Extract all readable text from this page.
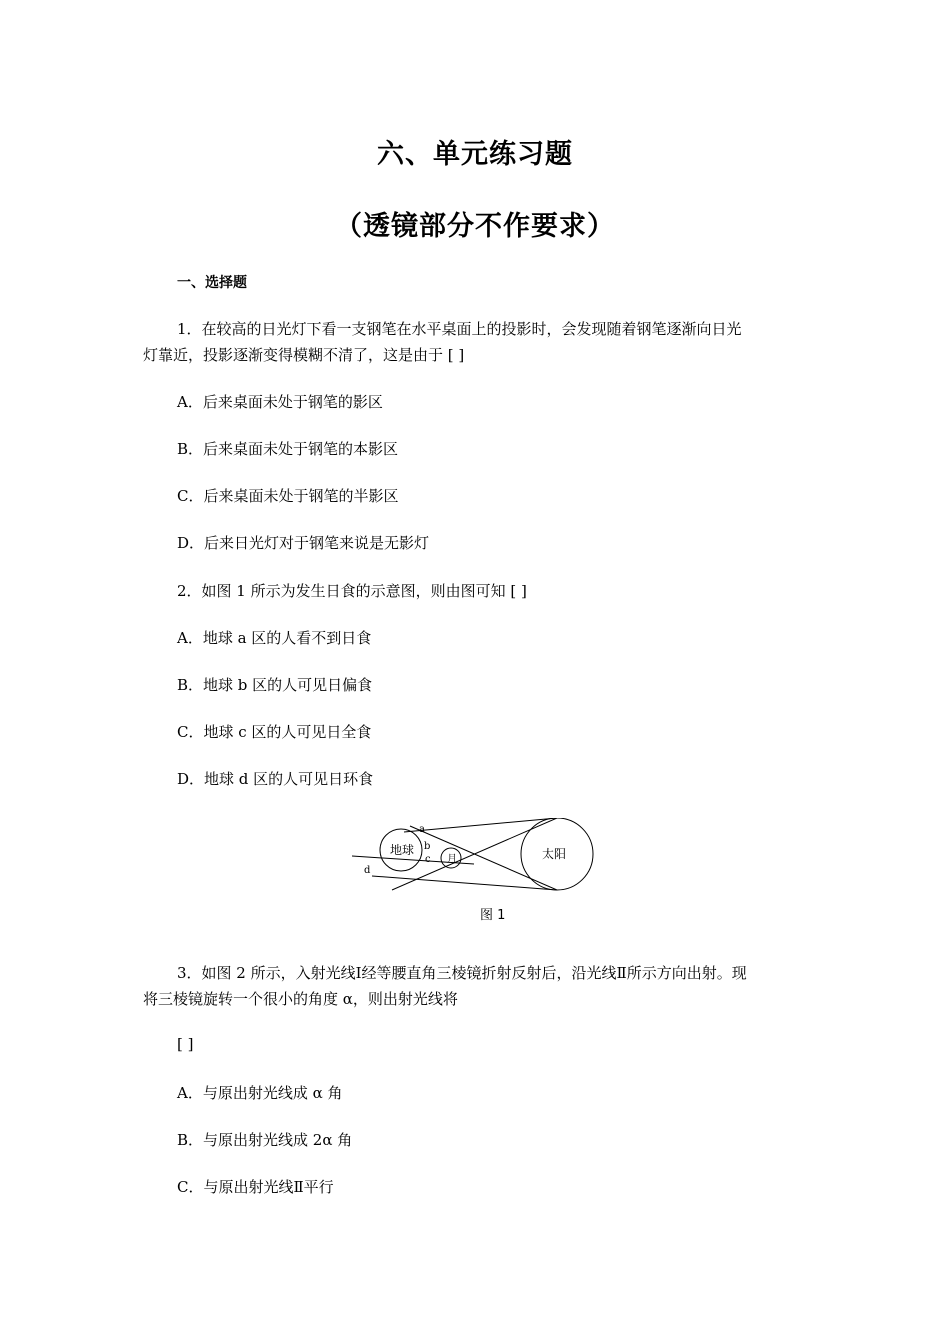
六、单元练习题
（透镜部分不作要求）
一、选择题
1．在较高的日光灯下看一支钢笔在水平桌面上的投影时，会发现随着钢笔逐渐向日光
灯靠近，投影逐渐变得模糊不清了，这是由于 [ ]
A．后来桌面未处于钢笔的影区
B．后来桌面未处于钢笔的本影区
C．后来桌面未处于钢笔的半影区
D．后来日光灯对于钢笔来说是无影灯
2．如图 1 所示为发生日食的示意图，则由图可知 [ ]
A．地球 a 区的人看不到日食
B．地球 b 区的人可见日偏食
C．地球 c 区的人可见日全食
D．地球 d 区的人可见日环食
地球
月	太阳
a
b
c
d
图 1
3．如图 2 所示，入射光线Ⅰ经等腰直角三棱镜折射反射后，沿光线Ⅱ所示方向出射。现
将三棱镜旋转一个很小的角度 α，则出射光线将
[ ]
A．与原出射光线成 α 角
B．与原出射光线成 2α 角
C．与原出射光线Ⅱ平行
